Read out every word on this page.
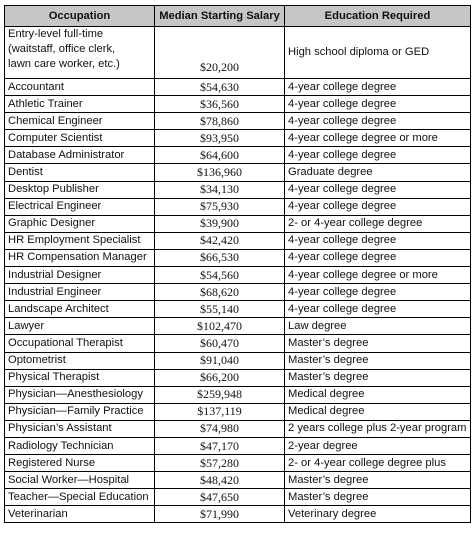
Occupation	Median Starting Salary	Education Required

Entry-level full-time
(waitstaff, office clerk,
lawn care worker, etc.)	$20,200	High school diploma or GED
Accountant	$54,630	4-year college degree
Athletic Trainer	$36,560	4-year college degree
Chemical Engineer	$78,860	4-year college degree
Computer Scientist	$93,950	4-year college degree or more
Database Administrator	$64,600	4-year college degree
Dentist	$136,960	Graduate degree
Desktop Publisher	$34,130	4-year college degree
Electrical Engineer	$75,930	4-year college degree
Graphic Designer	$39,900	2- or 4-year college degree
HR Employment Specialist	$42,420	4-year college degree
HR Compensation Manager	$66,530	4-year college degree
Industrial Designer	$54,560	4-year college degree or more
Industrial Engineer	$68,620	4-year college degree
Landscape Architect	$55,140	4-year college degree
Lawyer	$102,470	Law degree
Occupational Therapist	$60,470	Master’s degree
Optometrist	$91,040	Master’s degree
Physical Therapist	$66,200	Master’s degree
Physician—Anesthesiology	$259,948	Medical degree
Physician—Family Practice	$137,119	Medical degree
Physician’s Assistant	$74,980	2 years college plus 2-year program
Radiology Technician	$47,170	2-year degree
Registered Nurse	$57,280	2- or 4-year college degree plus
Social Worker—Hospital	$48,420	Master’s degree
Teacher—Special Education	$47,650	Master’s degree
Veterinarian	$71,990	Veterinary degree
